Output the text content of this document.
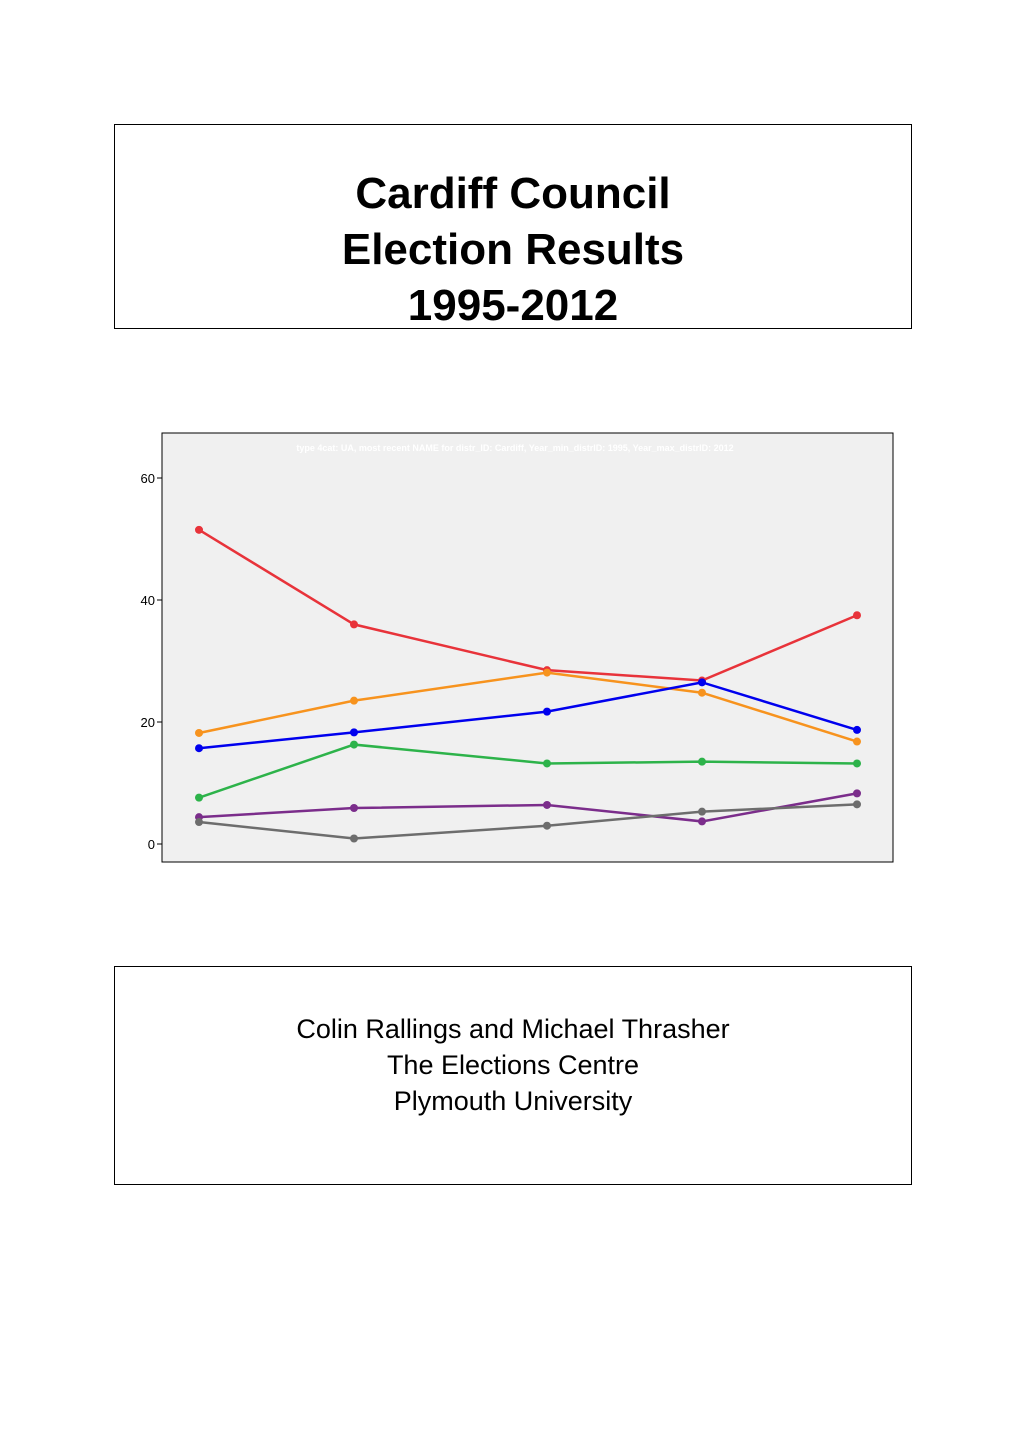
Cardiff Council
Election Results
1995-2012
type 4cat: UA, most recent NAME for distr_ID: Cardiff, Year_min_distrID: 1995, Year_max_distrID: 2012
0
20
40
60
Colin Rallings and Michael Thrasher
The Elections Centre
Plymouth University
